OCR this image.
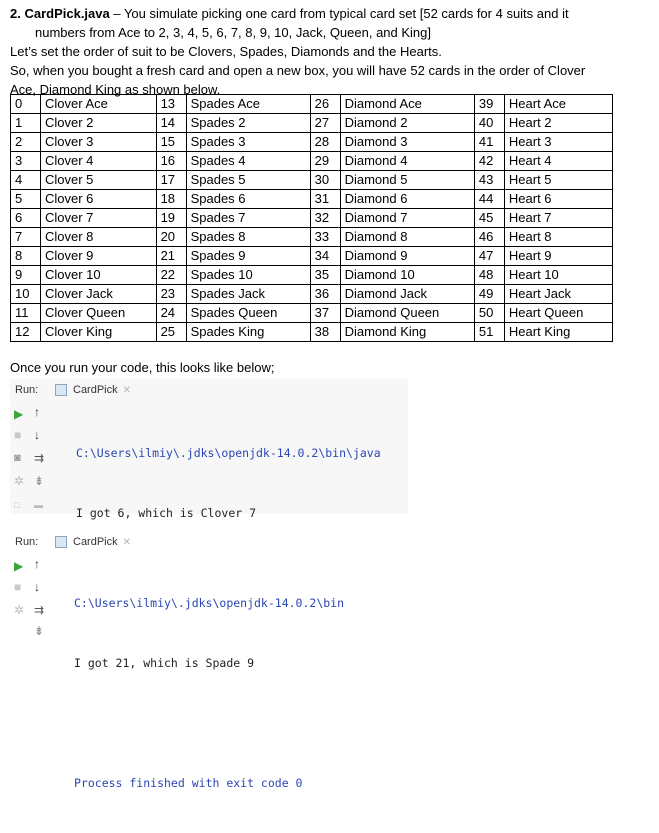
2. CardPick.java – You simulate picking one card from typical card set [52 cards for 4 suits and it

numbers from Ace to 2, 3, 4, 5, 6, 7, 8, 9, 10, Jack, Queen, and King]

Let’s set the order of suit to be Clovers, Spades, Diamonds and the Hearts.

So, when you bought a fresh card and open a new box, you will have 52 cards in the order of Clover

Ace, Diamond King as shown below.

0	Clover Ace	13	Spades Ace	26	Diamond Ace	39	Heart Ace
1	Clover 2	14	Spades 2	27	Diamond 2	40	Heart 2
2	Clover 3	15	Spades 3	28	Diamond 3	41	Heart 3
3	Clover 4	16	Spades 4	29	Diamond 4	42	Heart 4
4	Clover 5	17	Spades 5	30	Diamond 5	43	Heart 5
5	Clover 6	18	Spades 6	31	Diamond 6	44	Heart 6
6	Clover 7	19	Spades 7	32	Diamond 7	45	Heart 7
7	Clover 8	20	Spades 8	33	Diamond 8	46	Heart 8
8	Clover 9	21	Spades 9	34	Diamond 9	47	Heart 9
9	Clover 10	22	Spades 10	35	Diamond 10	48	Heart 10
10	Clover Jack	23	Spades Jack	36	Diamond Jack	49	Heart Jack
11	Clover Queen	24	Spades Queen	37	Diamond Queen	50	Heart Queen
12	Clover King	25	Spades King	38	Diamond King	51	Heart King
Once you run your code, this looks like below;
Run:	CardPick ✕
▶ ↑
■ ↓
◙ ⇉
✲ ⇟
□ ▬

C:\Users\ilmiy\.jdks\openjdk-14.0.2\bin\java

I got 6, which is Clover 7

Run:	CardPick ✕
▶ ↑
■ ↓
✲ ⇉
⇟

C:\Users\ilmiy\.jdks\openjdk-14.0.2\bin

I got 21, which is Spade 9

Process finished with exit code 0
